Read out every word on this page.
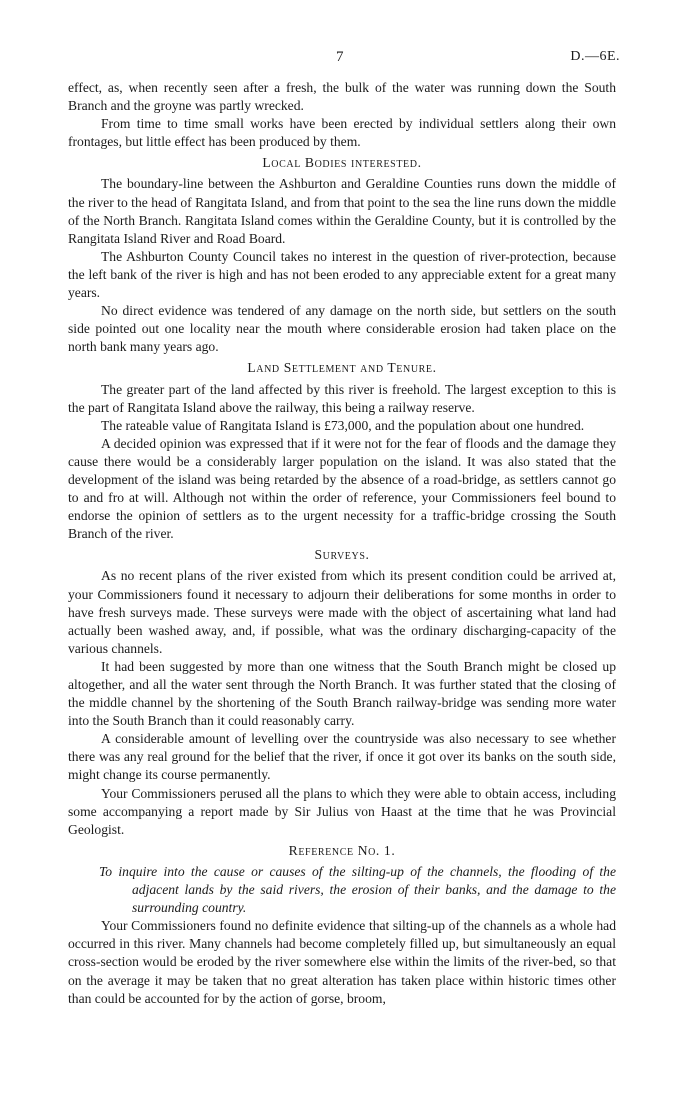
7	D.—6E.

effect, as, when recently seen after a fresh, the bulk of the water was running down the South Branch and the groyne was partly wrecked.

From time to time small works have been erected by individual settlers along their own frontages, but little effect has been produced by them.

Local Bodies interested.

The boundary-line between the Ashburton and Geraldine Counties runs down the middle of the river to the head of Rangitata Island, and from that point to the sea the line runs down the middle of the North Branch. Rangitata Island comes within the Geraldine County, but it is controlled by the Rangitata Island River and Road Board.

The Ashburton County Council takes no interest in the question of river-protection, because the left bank of the river is high and has not been eroded to any appreciable extent for a great many years.

No direct evidence was tendered of any damage on the north side, but settlers on the south side pointed out one locality near the mouth where considerable erosion had taken place on the north bank many years ago.

Land Settlement and Tenure.

The greater part of the land affected by this river is freehold. The largest exception to this is the part of Rangitata Island above the railway, this being a railway reserve.

The rateable value of Rangitata Island is £73,000, and the population about one hundred.

A decided opinion was expressed that if it were not for the fear of floods and the damage they cause there would be a considerably larger population on the island. It was also stated that the development of the island was being retarded by the absence of a road-bridge, as settlers cannot go to and fro at will. Although not within the order of reference, your Commissioners feel bound to endorse the opinion of settlers as to the urgent necessity for a traffic-bridge crossing the South Branch of the river.

Surveys.

As no recent plans of the river existed from which its present condition could be arrived at, your Commissioners found it necessary to adjourn their deliberations for some months in order to have fresh surveys made. These surveys were made with the object of ascertaining what land had actually been washed away, and, if possible, what was the ordinary discharging-capacity of the various channels.

It had been suggested by more than one witness that the South Branch might be closed up altogether, and all the water sent through the North Branch. It was further stated that the closing of the middle channel by the shortening of the South Branch railway-bridge was sending more water into the South Branch than it could reasonably carry.

A considerable amount of levelling over the countryside was also necessary to see whether there was any real ground for the belief that the river, if once it got over its banks on the south side, might change its course permanently.

Your Commissioners perused all the plans to which they were able to obtain access, including some accompanying a report made by Sir Julius von Haast at the time that he was Provincial Geologist.

Reference No. 1.

To inquire into the cause or causes of the silting-up of the channels, the flooding of the adjacent lands by the said rivers, the erosion of their banks, and the damage to the surrounding country.

Your Commissioners found no definite evidence that silting-up of the channels as a whole had occurred in this river. Many channels had become completely filled up, but simultaneously an equal cross-section would be eroded by the river somewhere else within the limits of the river-bed, so that on the average it may be taken that no great alteration has taken place within historic times other than could be accounted for by the action of gorse, broom,
